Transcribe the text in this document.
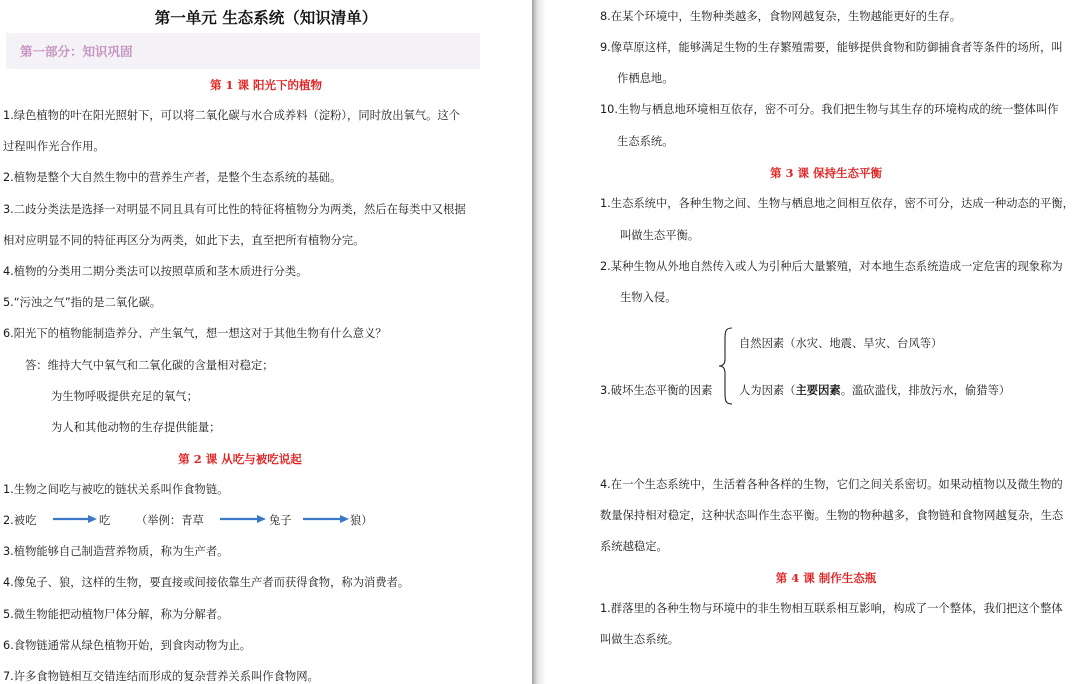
第一单元 生态系统（知识清单）
第一部分：知识巩固
第 1 课 阳光下的植物
1.绿色植物的叶在阳光照射下，可以将二氧化碳与水合成养料（淀粉），同时放出氧气。这个
过程叫作光合作用。
2.植物是整个大自然生物中的营养生产者，是整个生态系统的基础。
3.二歧分类法是选择一对明显不同且具有可比性的特征将植物分为两类，然后在每类中又根据
相对应明显不同的特征再区分为两类，如此下去，直至把所有植物分完。
4.植物的分类用二期分类法可以按照草质和茎木质进行分类。
5.“污浊之气”指的是二氧化碳。
6.阳光下的植物能制造养分、产生氧气，想一想这对于其他生物有什么意义？
答：维持大气中氧气和二氧化碳的含量相对稳定；
为生物呼吸提供充足的氧气；
为人和其他动物的生存提供能量；
第 2 课 从吃与被吃说起
1.生物之间吃与被吃的链状关系叫作食物链。
2.被吃	吃 （举例：青草	兔子	狼）
3.植物能够自己制造营养物质，称为生产者。
4.像兔子、狼，这样的生物，要直接或间接依靠生产者而获得食物，称为消费者。
5.微生物能把动植物尸体分解，称为分解者。
6.食物链通常从绿色植物开始，到食肉动物为止。
7.许多食物链相互交错连结而形成的复杂营养关系叫作食物网。
8.在某个环境中，生物种类越多，食物网越复杂，生物越能更好的生存。
9.像草原这样，能够满足生物的生存繁殖需要，能够提供食物和防御捕食者等条件的场所，叫
作栖息地。
10.生物与栖息地环境相互依存，密不可分。我们把生物与其生存的环境构成的统一整体叫作
生态系统。
第 3 课 保持生态平衡
1.生态系统中，各种生物之间、生物与栖息地之间相互依存，密不可分，达成一种动态的平衡，
叫做生态平衡。
2.某种生物从外地自然传入或人为引种后大量繁殖，对本地生态系统造成一定危害的现象称为
生物入侵。
自然因素（水灾、地震、旱灾、台风等）
3.破坏生态平衡的因素 人为因素（主要因素。滥砍滥伐，排放污水，偷猎等）
4.在一个生态系统中，生活着各种各样的生物，它们之间关系密切。如果动植物以及微生物的
数量保持相对稳定，这种状态叫作生态平衡。生物的物种越多，食物链和食物网越复杂，生态
系统越稳定。
第 4 课 制作生态瓶
1.群落里的各种生物与环境中的非生物相互联系相互影响，构成了一个整体，我们把这个整体
叫做生态系统。
